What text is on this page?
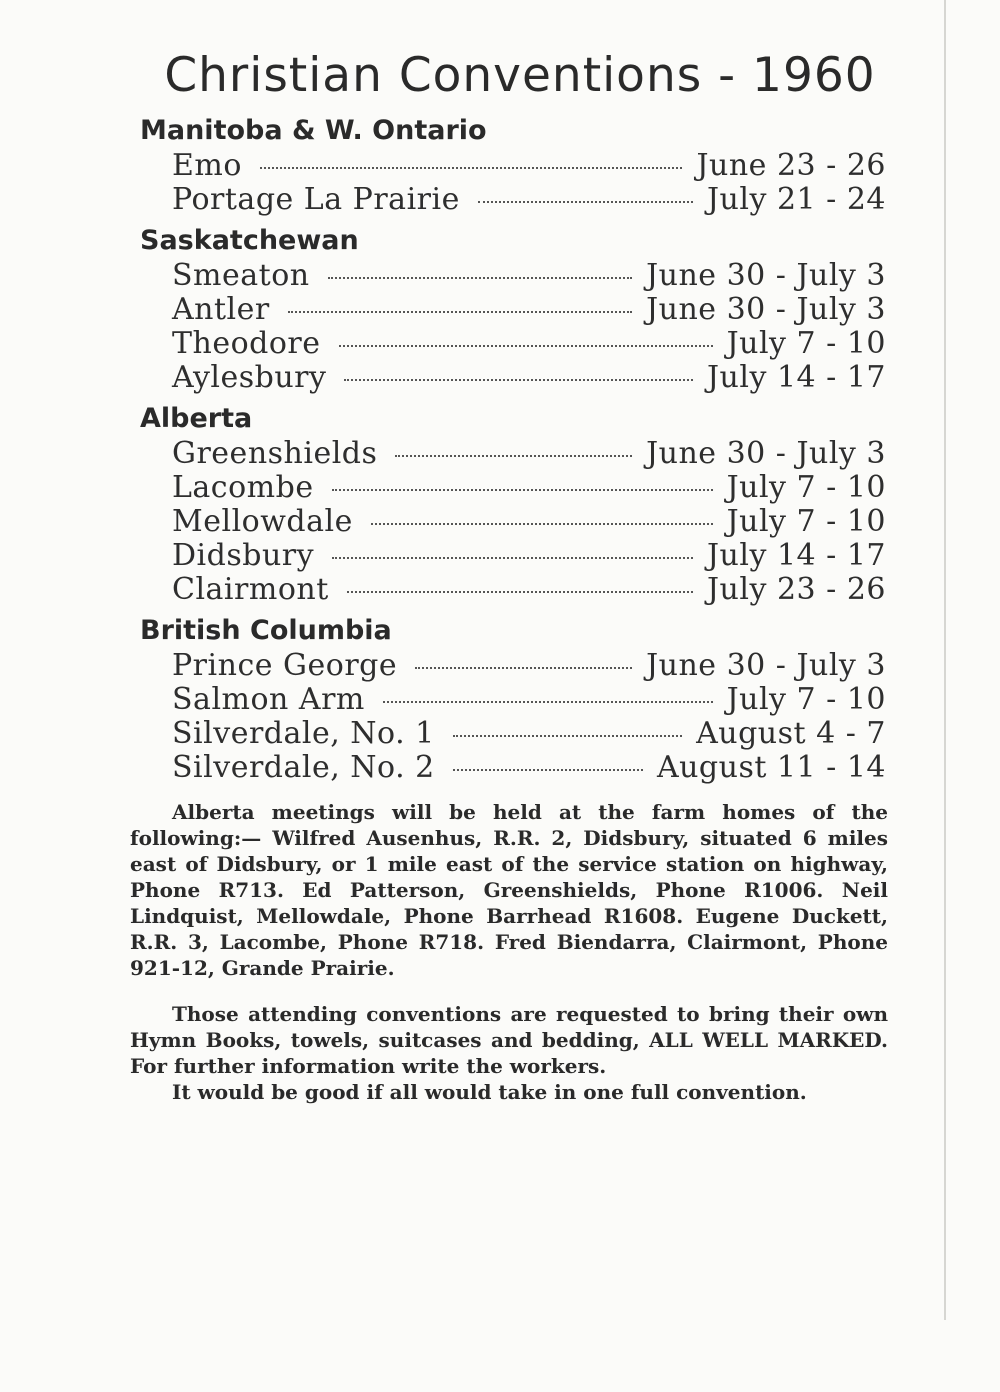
Christian Conventions - 1960
Manitoba & W. Ontario
Emo	June 23 - 26
Portage La Prairie	July 21 - 24
Saskatchewan
Smeaton	June 30 - July 3
Antler	June 30 - July 3
Theodore	July 7 - 10
Aylesbury	July 14 - 17
Alberta
Greenshields	June 30 - July 3
Lacombe	July 7 - 10
Mellowdale	July 7 - 10
Didsbury	July 14 - 17
Clairmont	July 23 - 26
British Columbia
Prince George	June 30 - July 3
Salmon Arm	July 7 - 10
Silverdale, No. 1	August 4 - 7
Silverdale, No. 2	August 11 - 14

Alberta meetings will be held at the farm homes of the following:— Wilfred Ausenhus, R.R. 2, Didsbury, situated 6 miles east of Didsbury, or 1 mile east of the service station on highway, Phone R713. Ed Patterson, Greenshields, Phone R1006. Neil Lindquist, Mellowdale, Phone Barrhead R1608. Eugene Duckett, R.R. 3, Lacombe, Phone R718. Fred Biendarra, Clairmont, Phone 921-12, Grande Prairie.

Those attending conventions are requested to bring their own Hymn Books, towels, suitcases and bedding, ALL WELL MARKED. For further information write the workers.

It would be good if all would take in one full convention.
